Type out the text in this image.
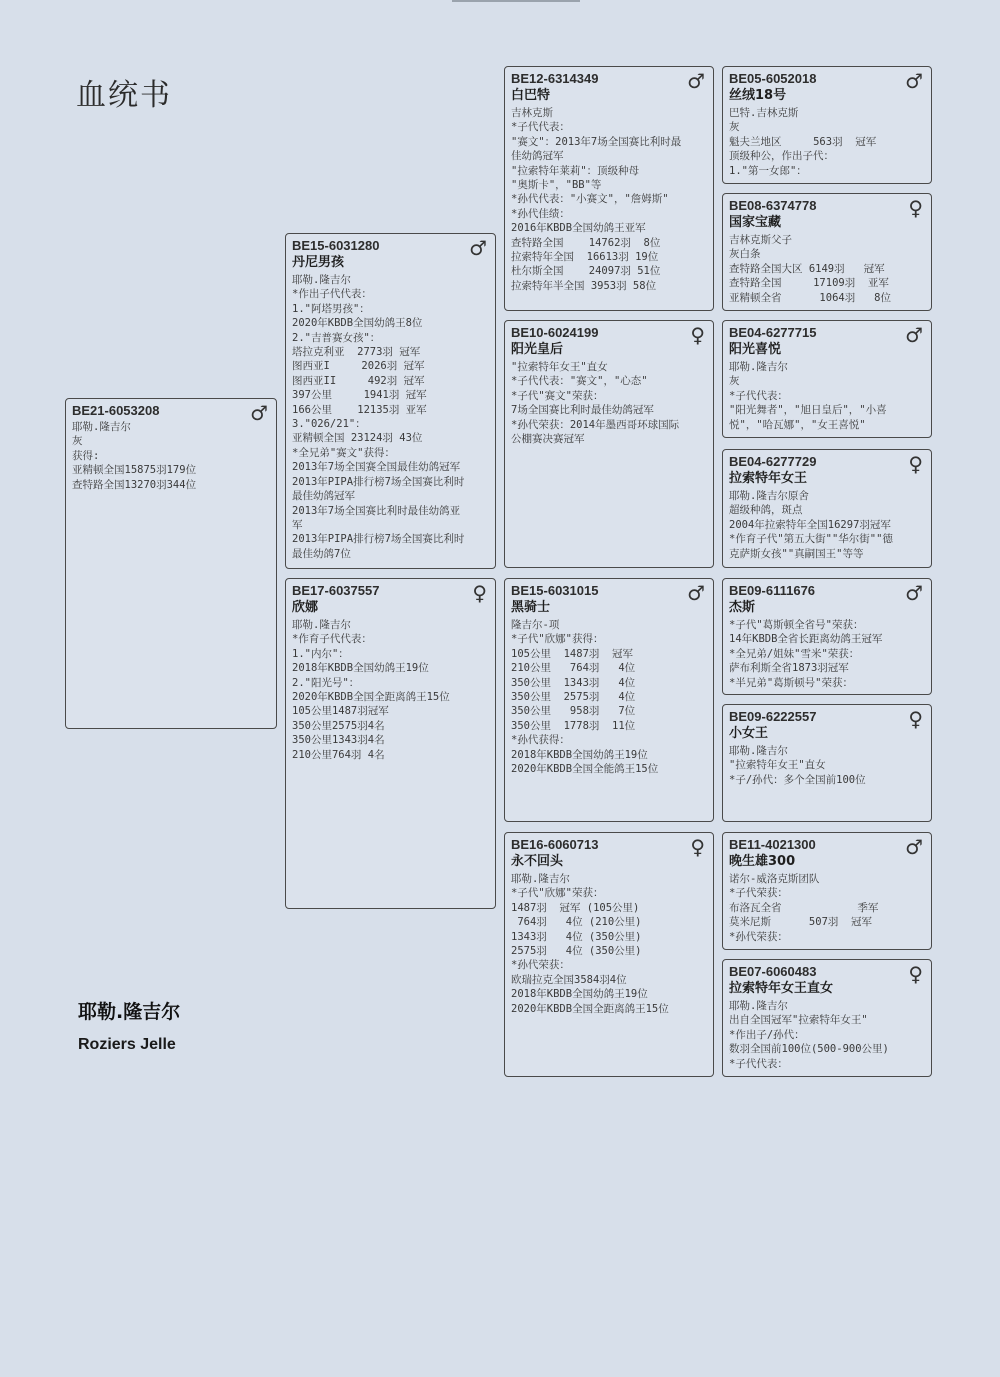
血统书
耶勒.隆吉尔
Roziers Jelle
BE21-6053208	♂
耶勒.隆吉尔
灰
获得:
亚精顿全国15875羽179位
查特路全国13270羽344位
BE15-6031280
丹尼男孩
♂
耶勒.隆吉尔
*作出子代代表：
1."阿塔男孩"：
2020年KBDB全国幼鸽王8位
2."吉普赛女孩"：
塔拉克利亚  2773羽 冠军
图西亚I     2026羽 冠军
图西亚II     492羽 冠军
397公里     1941羽 冠军
166公里    12135羽 亚军
3."026/21"：
亚精顿全国 23124羽 43位
*全兄弟"赛文"获得：
2013年7场全国赛全国最佳幼鸽冠军
2013年PIPA排行榜7场全国赛比利时
最佳幼鸽冠军
2013年7场全国赛比利时最佳幼鸽亚
军
2013年PIPA排行榜7场全国赛比利时
最佳幼鸽7位
BE17-6037557
欣娜
♀
耶勒.隆吉尔
*作育子代代表：
1."内尔"：
2018年KBDB全国幼鸽王19位
2."阳光号"：
2020年KBDB全国全距离鸽王15位
105公里1487羽冠军
350公里2575羽4名
350公里1343羽4名
210公里764羽 4名
BE12-6314349
白巴特
♂
吉林克斯
*子代代表：
"赛文"：2013年7场全国赛比利时最
佳幼鸽冠军
"拉索特年莱莉"：顶级种母
"奥斯卡"，"BB"等
*孙代代表："小赛文"，"詹姆斯"
*孙代佳绩：
2016年KBDB全国幼鸽王亚军
查特路全国    14762羽  8位
拉索特年全国  16613羽 19位
杜尔斯全国    24097羽 51位
拉索特年半全国 3953羽 58位
BE10-6024199
阳光皇后
♀
"拉索特年女王"直女
*子代代表："赛文"，"心态"
*子代"赛文"荣获：
7场全国赛比利时最佳幼鸽冠军
*孙代荣获：2014年墨西哥环球国际
公棚赛决赛冠军
BE15-6031015
黑骑士
♂
隆吉尔-项
*子代"欣娜"获得：
105公里  1487羽  冠军
210公里   764羽   4位
350公里  1343羽   4位
350公里  2575羽   4位
350公里   958羽   7位
350公里  1778羽  11位
*孙代获得：
2018年KBDB全国幼鸽王19位
2020年KBDB全国全能鸽王15位
BE16-6060713
永不回头
♀
耶勒.隆吉尔
*子代"欣娜"荣获：
1487羽  冠军 (105公里)
764羽   4位 (210公里)
1343羽   4位 (350公里)
2575羽   4位 (350公里)
*孙代荣获：
欧瑞拉克全国3584羽4位
2018年KBDB全国幼鸽王19位
2020年KBDB全国全距离鸽王15位
BE05-6052018
丝绒18号
♂
巴特.吉林克斯
灰
魁夫兰地区     563羽  冠军
顶级种公，作出子代：
1."第一女郎"：
BE08-6374778
国家宝藏
♀
吉林克斯父子
灰白条
查特路全国大区 6149羽   冠军
查特路全国     17109羽  亚军
亚精顿全省      1064羽   8位
BE04-6277715
阳光喜悦
♂
耶勒.隆吉尔
灰
*子代代表：
"阳光舞者"，"旭日皇后"，"小喜
悦"，"哈瓦娜"，"女王喜悦"
BE04-6277729
拉索特年女王
♀
耶勒.隆吉尔原舍
超级种鸽，斑点
2004年拉索特年全国16297羽冠军
*作育子代"第五大街""华尔街""德
克萨斯女孩""真嗣国王"等等
BE09-6111676
杰斯
♂
*子代"葛斯顿全省号"荣获：
14年KBDB全省长距离幼鸽王冠军
*全兄弟/姐妹"雪米"荣获：
萨布利斯全省1873羽冠军
*半兄弟"葛斯顿号"荣获：
BE09-6222557
小女王
♀
耶勒.隆吉尔
"拉索特年女王"直女
*子/孙代：多个全国前100位
BE11-4021300
晚生雄300
♂
诺尔-威洛克斯团队
*子代荣获：
布洛瓦全省            季军
莫米尼斯      507羽  冠军
*孙代荣获：
BE07-6060483
拉索特年女王直女
♀
耶勒.隆吉尔
出自全国冠军"拉索特年女王"
*作出子/孙代：
数羽全国前100位(500-900公里)
*子代代表：
